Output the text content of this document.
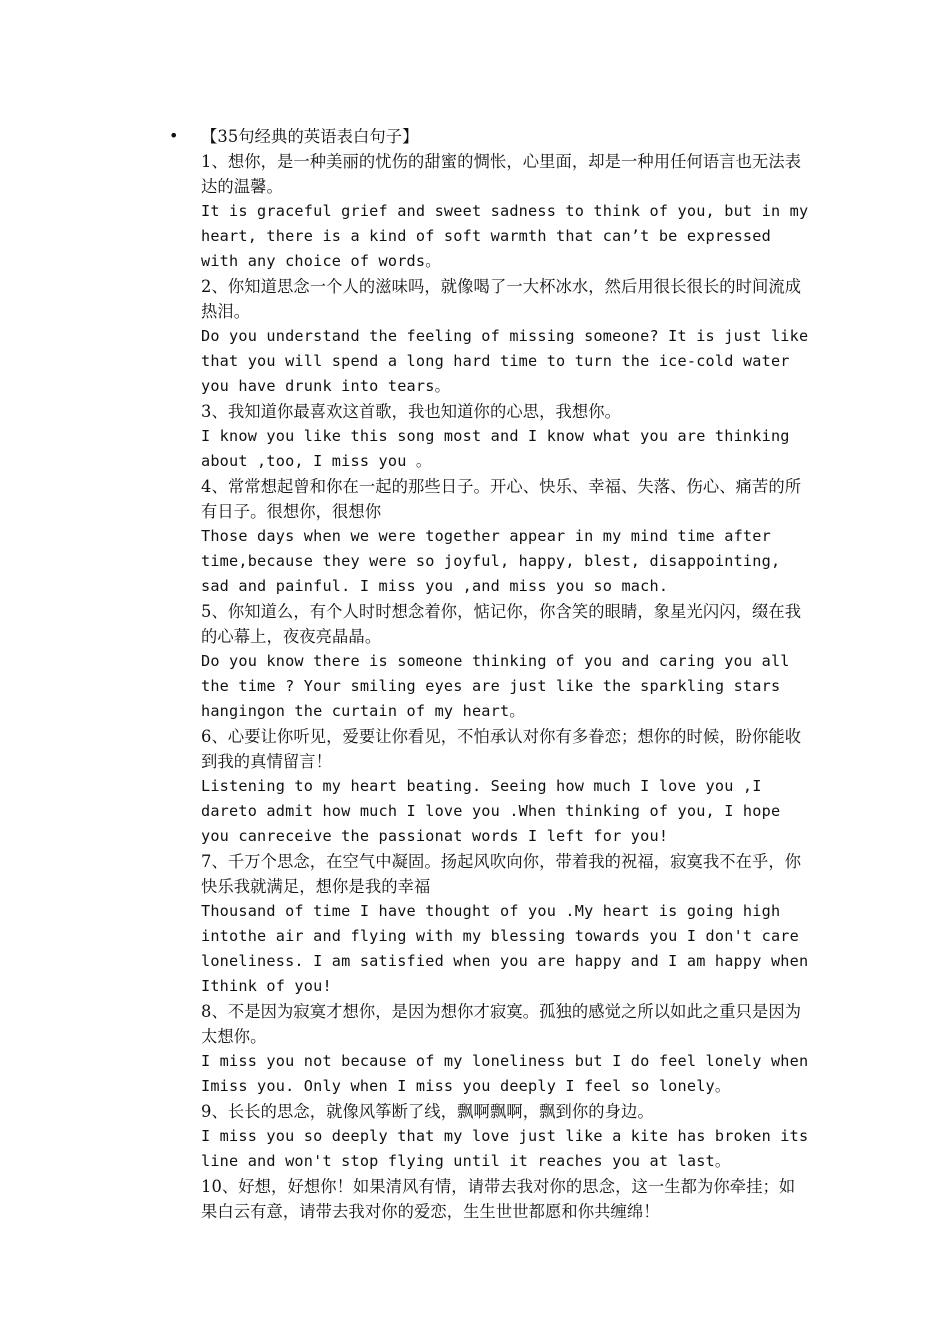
• 【35句经典的英语表白句子】

1、想你，是一种美丽的忧伤的甜蜜的惆怅，心里面，却是一种用任何语言也无法表达的温馨。

It is graceful grief and sweet sadness to think of you, but in my heart, there is a kind of soft warmth that can’t be expressed with any choice of words。

2、你知道思念一个人的滋味吗，就像喝了一大杯冰水，然后用很长很长的时间流成热泪。

Do you understand the feeling of missing someone? It is just like that you will spend a long hard time to turn the ice-cold water you have drunk into tears。

3、我知道你最喜欢这首歌，我也知道你的心思，我想你。

I know you like this song most and I know what you are thinking about ,too, I miss you 。

4、常常想起曾和你在一起的那些日子。开心、快乐、幸福、失落、伤心、痛苦的所有日子。很想你，很想你

Those days when we were together appear in my mind time after time,because they were so joyful, happy, blest, disappointing, sad and painful. I miss you ,and miss you so mach.

5、你知道么，有个人时时想念着你，惦记你，你含笑的眼睛，象星光闪闪，缀在我的心幕上，夜夜亮晶晶。

Do you know there is someone thinking of you and caring you all the time ? Your smiling eyes are just like the sparkling stars hangingon the curtain of my heart。

6、心要让你听见，爱要让你看见，不怕承认对你有多眷恋；想你的时候，盼你能收到我的真情留言！

Listening to my heart beating. Seeing how much I love you ,I dareto admit how much I love you .When thinking of you, I hope you canreceive the passionat words I left for you!

7、千万个思念，在空气中凝固。扬起风吹向你，带着我的祝福，寂寞我不在乎，你快乐我就满足，想你是我的幸福

Thousand of time I have thought of you .My heart is going high intothe air and flying with my blessing towards you I don't care loneliness. I am satisfied when you are happy and I am happy when Ithink of you!

8、不是因为寂寞才想你，是因为想你才寂寞。孤独的感觉之所以如此之重只是因为太想你。

I miss you not because of my loneliness but I do feel lonely when Imiss you. Only when I miss you deeply I feel so lonely。

9、长长的思念，就像风筝断了线，飘啊飘啊，飘到你的身边。

I miss you so deeply that my love just like a kite has broken its line and won't stop flying until it reaches you at last。

10、好想，好想你！如果清风有情，请带去我对你的思念，这一生都为你牵挂；如果白云有意，请带去我对你的爱恋，生生世世都愿和你共缠绵！
